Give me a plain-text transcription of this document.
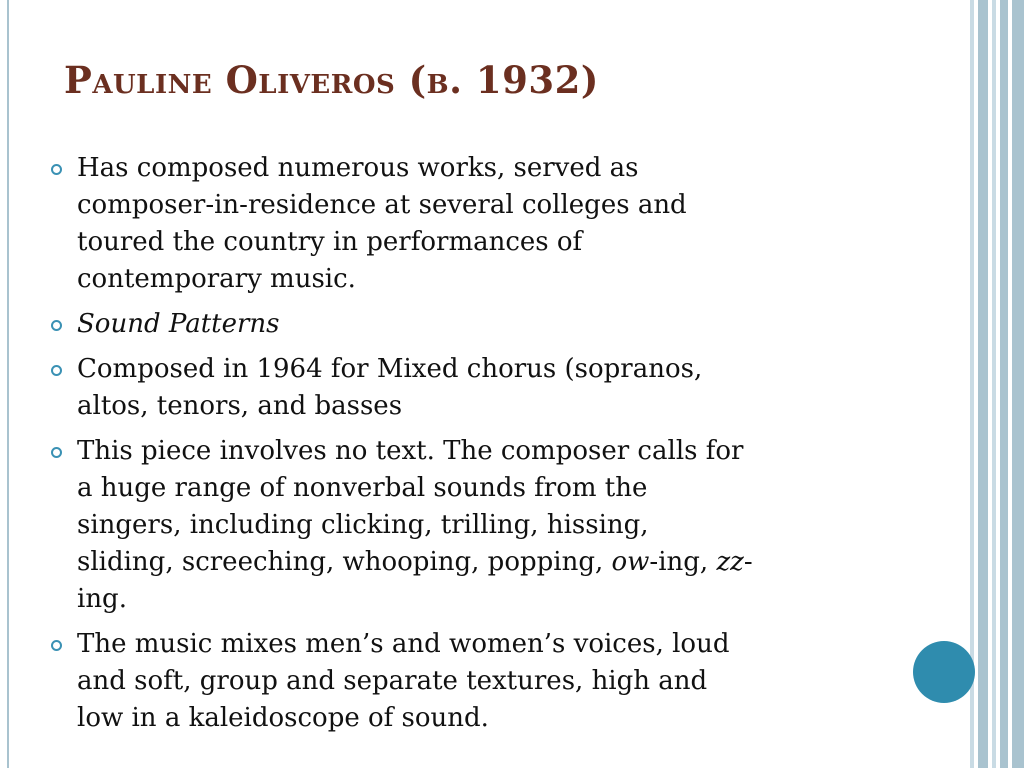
Pauline Oliveros (b. 1932)
Has composed numerous works, served as
composer-in-residence at several colleges and
toured the country in performances of
contemporary music.
Sound Patterns
Composed in 1964 for Mixed chorus (sopranos,
altos, tenors, and basses
This piece involves no text. The composer calls for
a huge range of nonverbal sounds from the
singers, including clicking, trilling, hissing,
sliding, screeching, whooping, popping, ow-ing, zz-
ing.
The music mixes men’s and women’s voices, loud
and soft, group and separate textures, high and
low in a kaleidoscope of sound.
